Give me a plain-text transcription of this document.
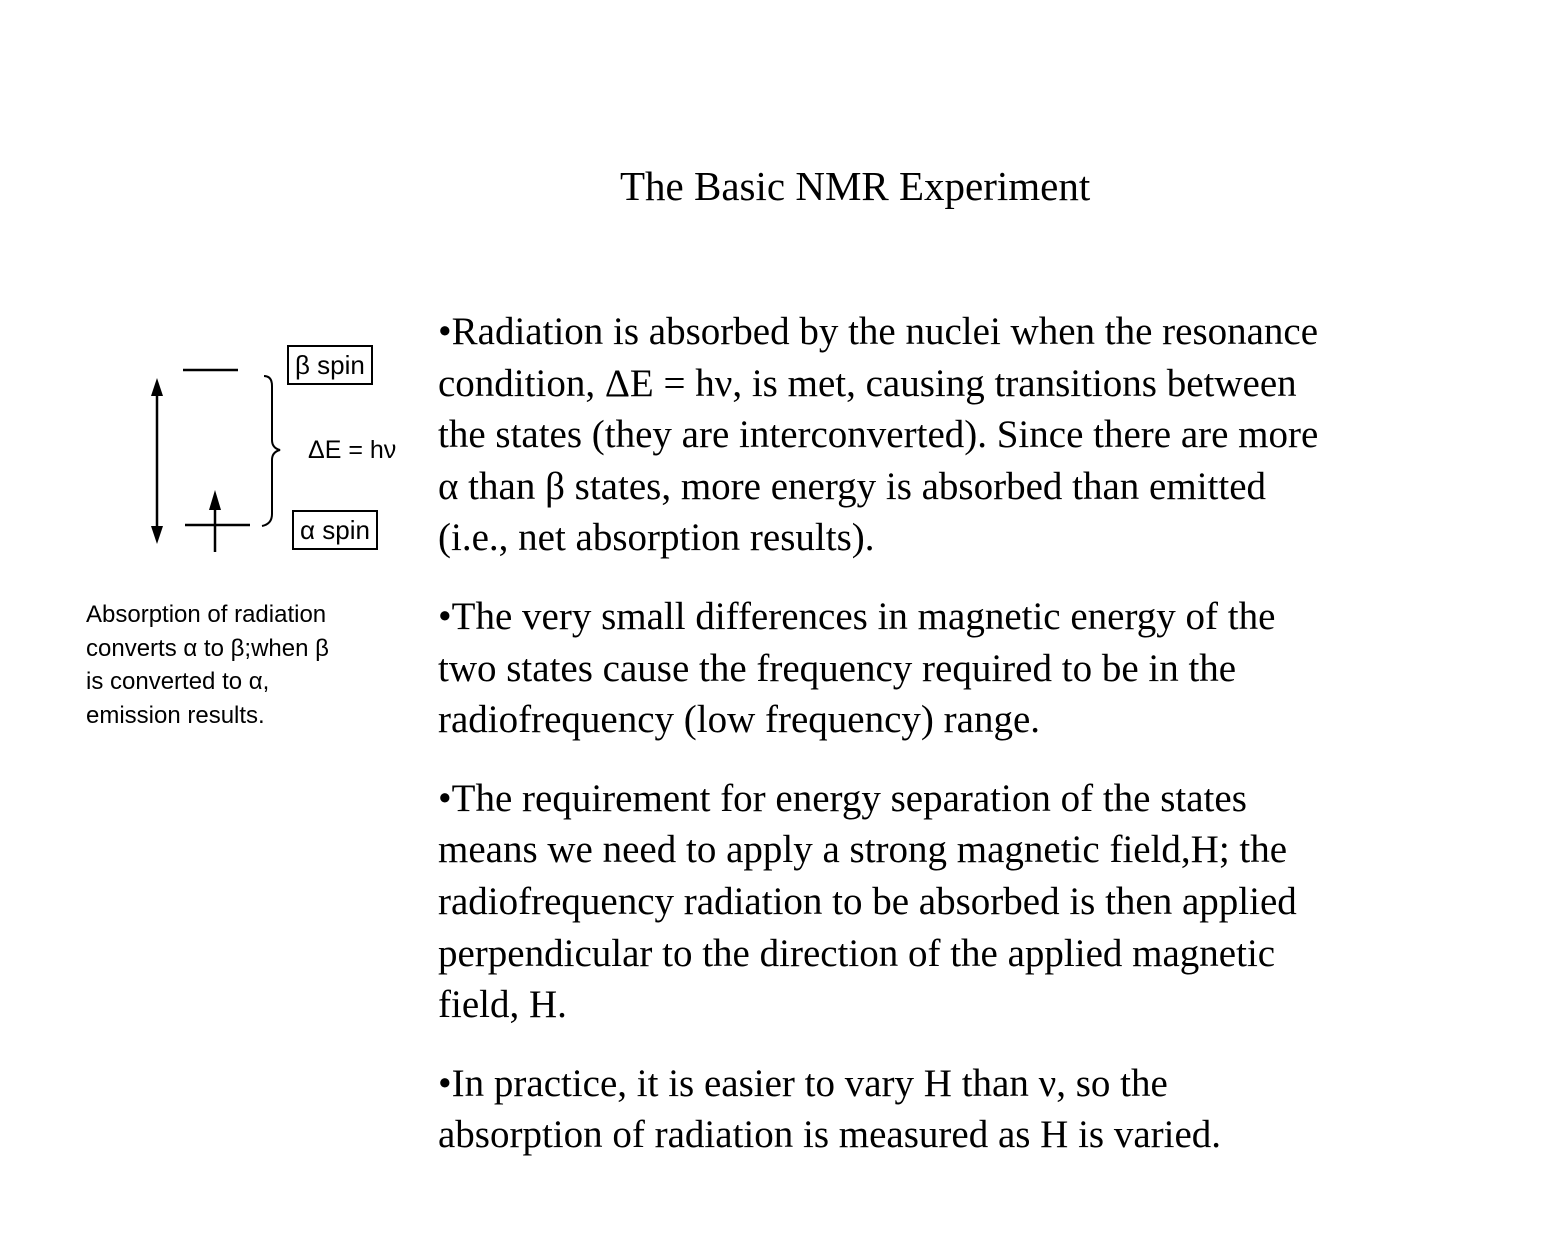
The Basic NMR Experiment
β spin
α spin
ΔE = hν
Absorption of radiation
converts α to β;when β
is converted to α,
emission results.

•Radiation is absorbed by the nuclei when the resonance
condition, ΔE = hν, is met, causing transitions between
the states (they are interconverted). Since there are more
α than β states, more energy is absorbed than emitted
(i.e., net absorption results).

•The very small differences in magnetic energy of the
two states cause the frequency required to be in the
radiofrequency (low frequency) range.

•The requirement for energy separation of the states
means we need to apply a strong magnetic field,H; the
radiofrequency radiation to be absorbed is then applied
perpendicular to the direction of the applied magnetic
field, H.

•In practice, it is easier to vary H than ν, so the
absorption of radiation is measured as H is varied.
